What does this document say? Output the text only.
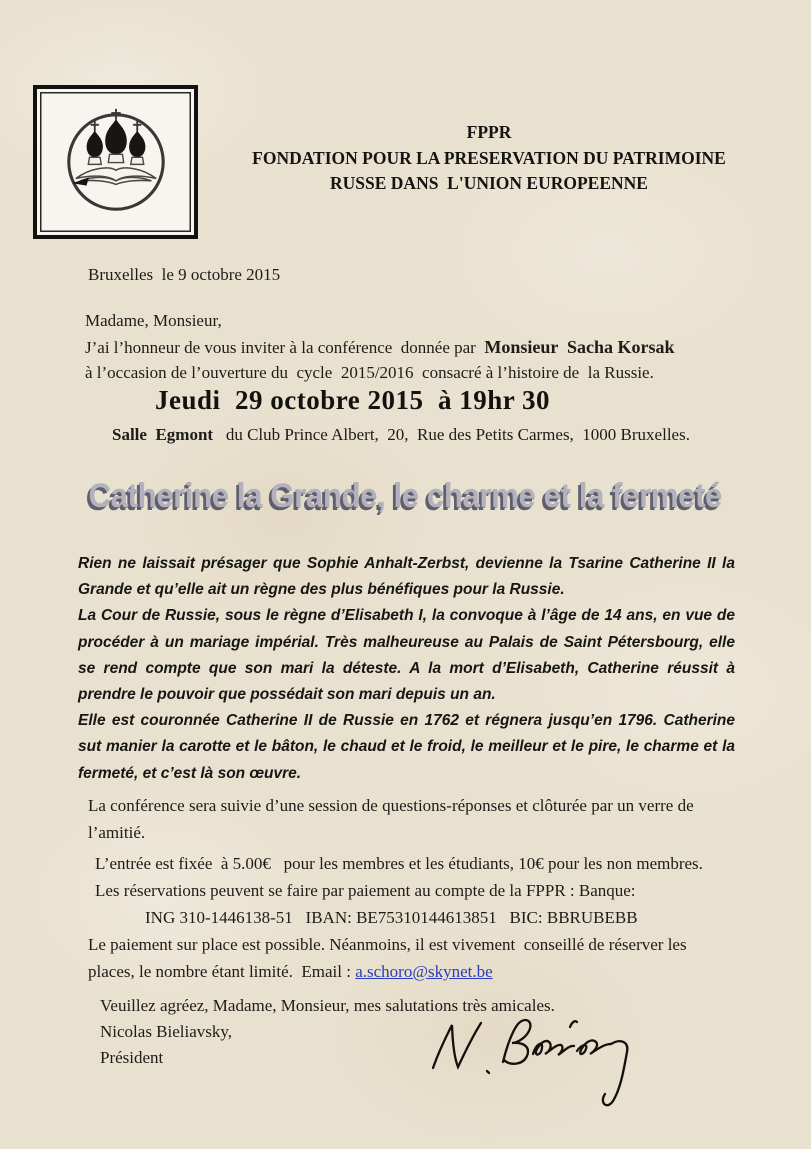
FPPR
FONDATION POUR LA PRESERVATION DU PATRIMOINE
RUSSE DANS  L'UNION EUROPEENNE
Bruxelles  le 9 octobre 2015
Madame, Monsieur,
J’ai l’honneur de vous inviter à la conférence  donnée par  Monsieur  Sacha Korsak
à l’occasion de l’ouverture du  cycle  2015/2016  consacré à l’histoire de  la Russie.
Jeudi  29 octobre 2015  à 19hr 30
Salle  Egmont   du Club Prince Albert,  20,  Rue des Petits Carmes,  1000 Bruxelles.
Catherine la Grande, le charme et la fermeté

Rien ne laissait présager que Sophie Anhalt-Zerbst, devienne la Tsarine Catherine II la Grande et qu’elle ait un règne des plus bénéfiques pour la Russie.

La Cour de Russie, sous le règne d’Elisabeth I, la convoque à l’âge de 14 ans, en vue de procéder à un mariage impérial. Très malheureuse au Palais de Saint Pétersbourg, elle se rend compte que son mari la déteste. A la mort d’Elisabeth, Catherine réussit à prendre le pouvoir que possédait son mari depuis un an.

Elle est couronnée Catherine II de Russie en 1762 et régnera jusqu’en 1796. Catherine sut manier la carotte et le bâton, le chaud et le froid, le meilleur et le pire, le charme et la fermeté, et c’est là son œuvre.

La conférence sera suivie d’une session de questions-réponses et clôturée par un verre de l’amitié.
L’entrée est fixée  à 5.00€   pour les membres et les étudiants, 10€ pour les non membres.
Les réservations peuvent se faire par paiement au compte de la FPPR : Banque:
ING 310-1446138-51   IBAN: BE75310144613851   BIC: BBRUBEBB
Le paiement sur place est possible. Néanmoins, il est vivement  conseillé de réserver les
places, le nombre étant limité.  Email : a.schoro@skynet.be
Veuillez agréez, Madame, Monsieur, mes salutations très amicales.
Nicolas Bieliavsky,
Président
